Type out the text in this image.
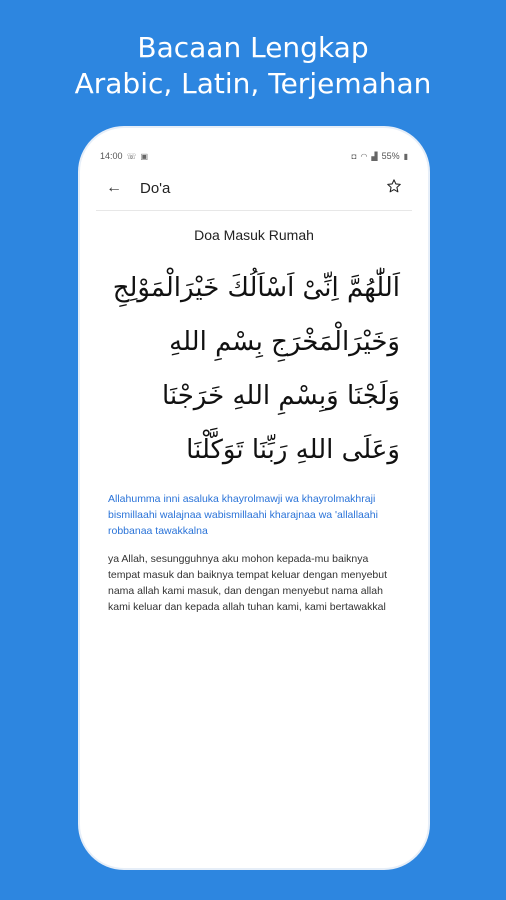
Bacaan Lengkap
Arabic, Latin, Terjemahan
14:00 ☏ ▣	◘ ◠ ▟ 55% ▮
←	Do'a
Doa Masuk Rumah
اَللّٰهُمَّ اِنِّىْ اَسْاَلُكَ خَيْرَالْمَوْلِجِ وَخَيْرَالْمَخْرَجِ بِسْمِ اللهِ وَلَجْنَا وَبِسْمِ اللهِ خَرَجْنَا وَعَلَى اللهِ رَبِّنَا تَوَكَّلْنَا
Allahumma inni asaluka khayrolmawji wa khayrolmakhraji bismillaahi walajnaa wabismillaahi kharajnaa wa 'allallaahi robbanaa tawakkalna
ya Allah, sesungguhnya aku mohon kepada-mu baiknya tempat masuk dan baiknya tempat keluar dengan menyebut nama allah kami masuk, dan dengan menyebut nama allah kami keluar dan kepada allah tuhan kami, kami bertawakkal
